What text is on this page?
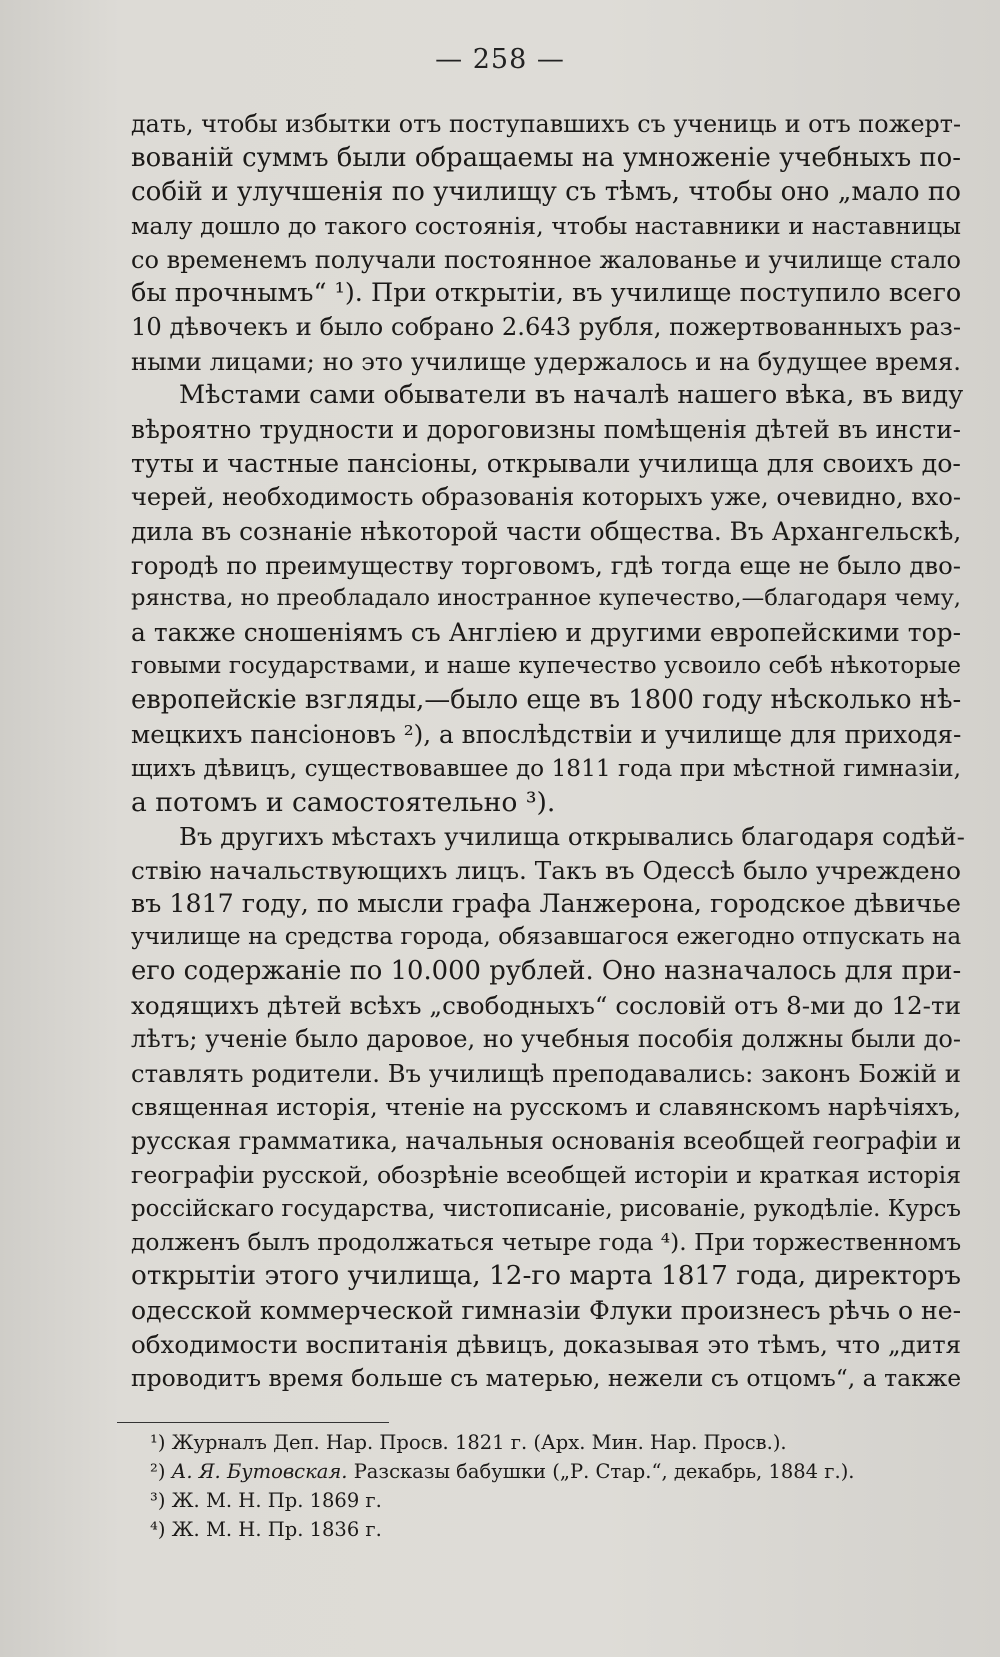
— 258 —

дать, чтобы избытки отъ поступавшихъ съ учениць и отъ пожерт-
вованій суммъ были обращаемы на умноженіе учебныхъ по-
собій и улучшенія по училищу съ тѣмъ, чтобы оно „мало по
малу дошло до такого состоянія, чтобы наставники и наставницы
со временемъ получали постоянное жалованье и училище стало
бы прочнымъ“ ¹). При открытіи, въ училище поступило всего
10 дѣвочекъ и было собрано 2.643 рубля, пожертвованныхъ раз-
ными лицами; но это училище удержалось и на будущее время.

Мѣстами сами обыватели въ началѣ нашего вѣка, въ виду
вѣроятно трудности и дороговизны помѣщенія дѣтей въ инсти-
туты и частные пансіоны, открывали училища для своихъ до-
черей, необходимость образованія которыхъ уже, очевидно, вхо-
дила въ сознаніе нѣкоторой части общества. Въ Архангельскѣ,
городѣ по преимуществу торговомъ, гдѣ тогда еще не было дво-
рянства, но преобладало иностранное купечество,—благодаря чему,
а также сношеніямъ съ Англіею и другими европейскими тор-
говыми государствами, и наше купечество усвоило себѣ нѣкоторые
европейскіе взгляды,—было еще въ 1800 году нѣсколько нѣ-
мецкихъ пансіоновъ ²), а впослѣдствіи и училище для приходя-
щихъ дѣвицъ, существовавшее до 1811 года при мѣстной гимназіи,
а потомъ и самостоятельно ³).

Въ другихъ мѣстахъ училища открывались благодаря содѣй-
ствію начальствующихъ лицъ. Такъ въ Одессѣ было учреждено
въ 1817 году, по мысли графа Ланжерона, городское дѣвичье
училище на средства города, обязавшагося ежегодно отпускать на
его содержаніе по 10.000 рублей. Оно назначалось для при-
ходящихъ дѣтей всѣхъ „свободныхъ“ сословій отъ 8-ми до 12-ти
лѣтъ; ученіе было даровое, но учебныя пособія должны были до-
ставлять родители. Въ училищѣ преподавались: законъ Божій и
священная исторія, чтеніе на русскомъ и славянскомъ нарѣчіяхъ,
русская грамматика, начальныя основанія всеобщей географіи и
географіи русской, обозрѣніе всеобщей исторіи и краткая исторія
россійскаго государства, чистописаніе, рисованіе, рукодѣліе. Курсъ
долженъ былъ продолжаться четыре года ⁴). При торжественномъ
открытіи этого училища, 12-го марта 1817 года, директоръ
одесской коммерческой гимназіи Флуки произнесъ рѣчь о не-
обходимости воспитанія дѣвицъ, доказывая это тѣмъ, что „дитя
проводитъ время больше съ матерью, нежели съ отцомъ“, а также

¹) Журналъ Деп. Нар. Просв. 1821 г. (Арх. Мин. Нар. Просв.).
²) А. Я. Бутовская. Разсказы бабушки („Р. Стар.“, декабрь, 1884 г.).
³) Ж. М. Н. Пр. 1869 г.
⁴) Ж. М. Н. Пр. 1836 г.
